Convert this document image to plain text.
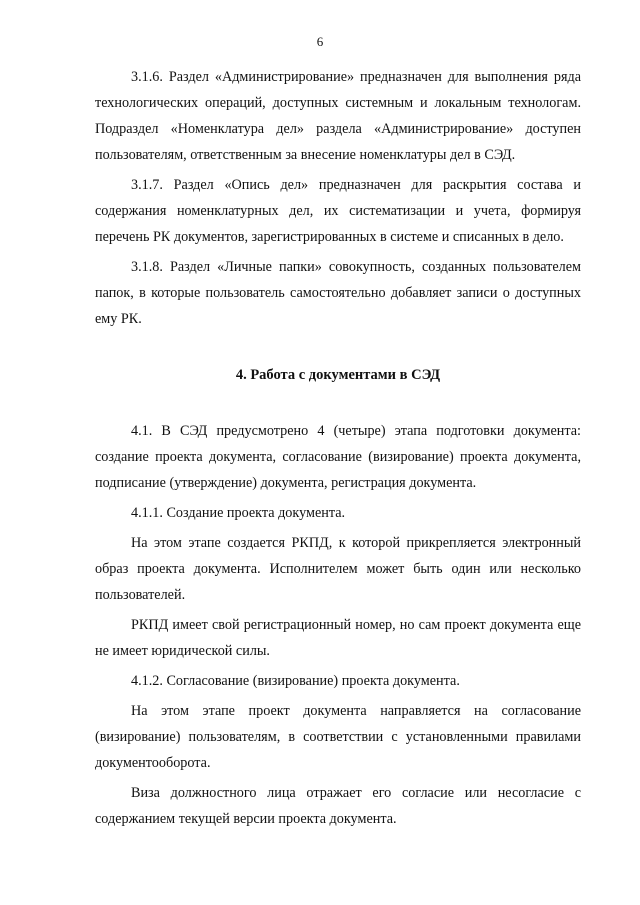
6

3.1.6. Раздел «Администрирование» предназначен для выполнения ряда технологических операций, доступных системным и локальным технологам. Подраздел «Номенклатура дел» раздела «Администрирование» доступен пользователям, ответственным за внесение номенклатуры дел в СЭД.

3.1.7. Раздел «Опись дел» предназначен для раскрытия состава и содержания номенклатурных дел, их систематизации и учета, формируя перечень РК документов, зарегистрированных в системе и списанных в дело.

3.1.8. Раздел «Личные папки» совокупность, созданных пользователем папок, в которые пользователь самостоятельно добавляет записи о доступных ему РК.

4. Работа с документами в СЭД

4.1. В СЭД предусмотрено 4 (четыре) этапа подготовки документа: создание проекта документа, согласование (визирование) проекта документа, подписание (утверждение) документа, регистрация документа.

4.1.1. Создание проекта документа.

На этом этапе создается РКПД, к которой прикрепляется электронный образ проекта документа. Исполнителем может быть один или несколько пользователей.

РКПД имеет свой регистрационный номер, но сам проект документа еще не имеет юридической силы.

4.1.2. Согласование (визирование) проекта документа.

На этом этапе проект документа направляется на согласование (визирование) пользователям, в соответствии с установленными правилами документооборота.

Виза должностного лица отражает его согласие или несогласие с содержанием текущей версии проекта документа.
